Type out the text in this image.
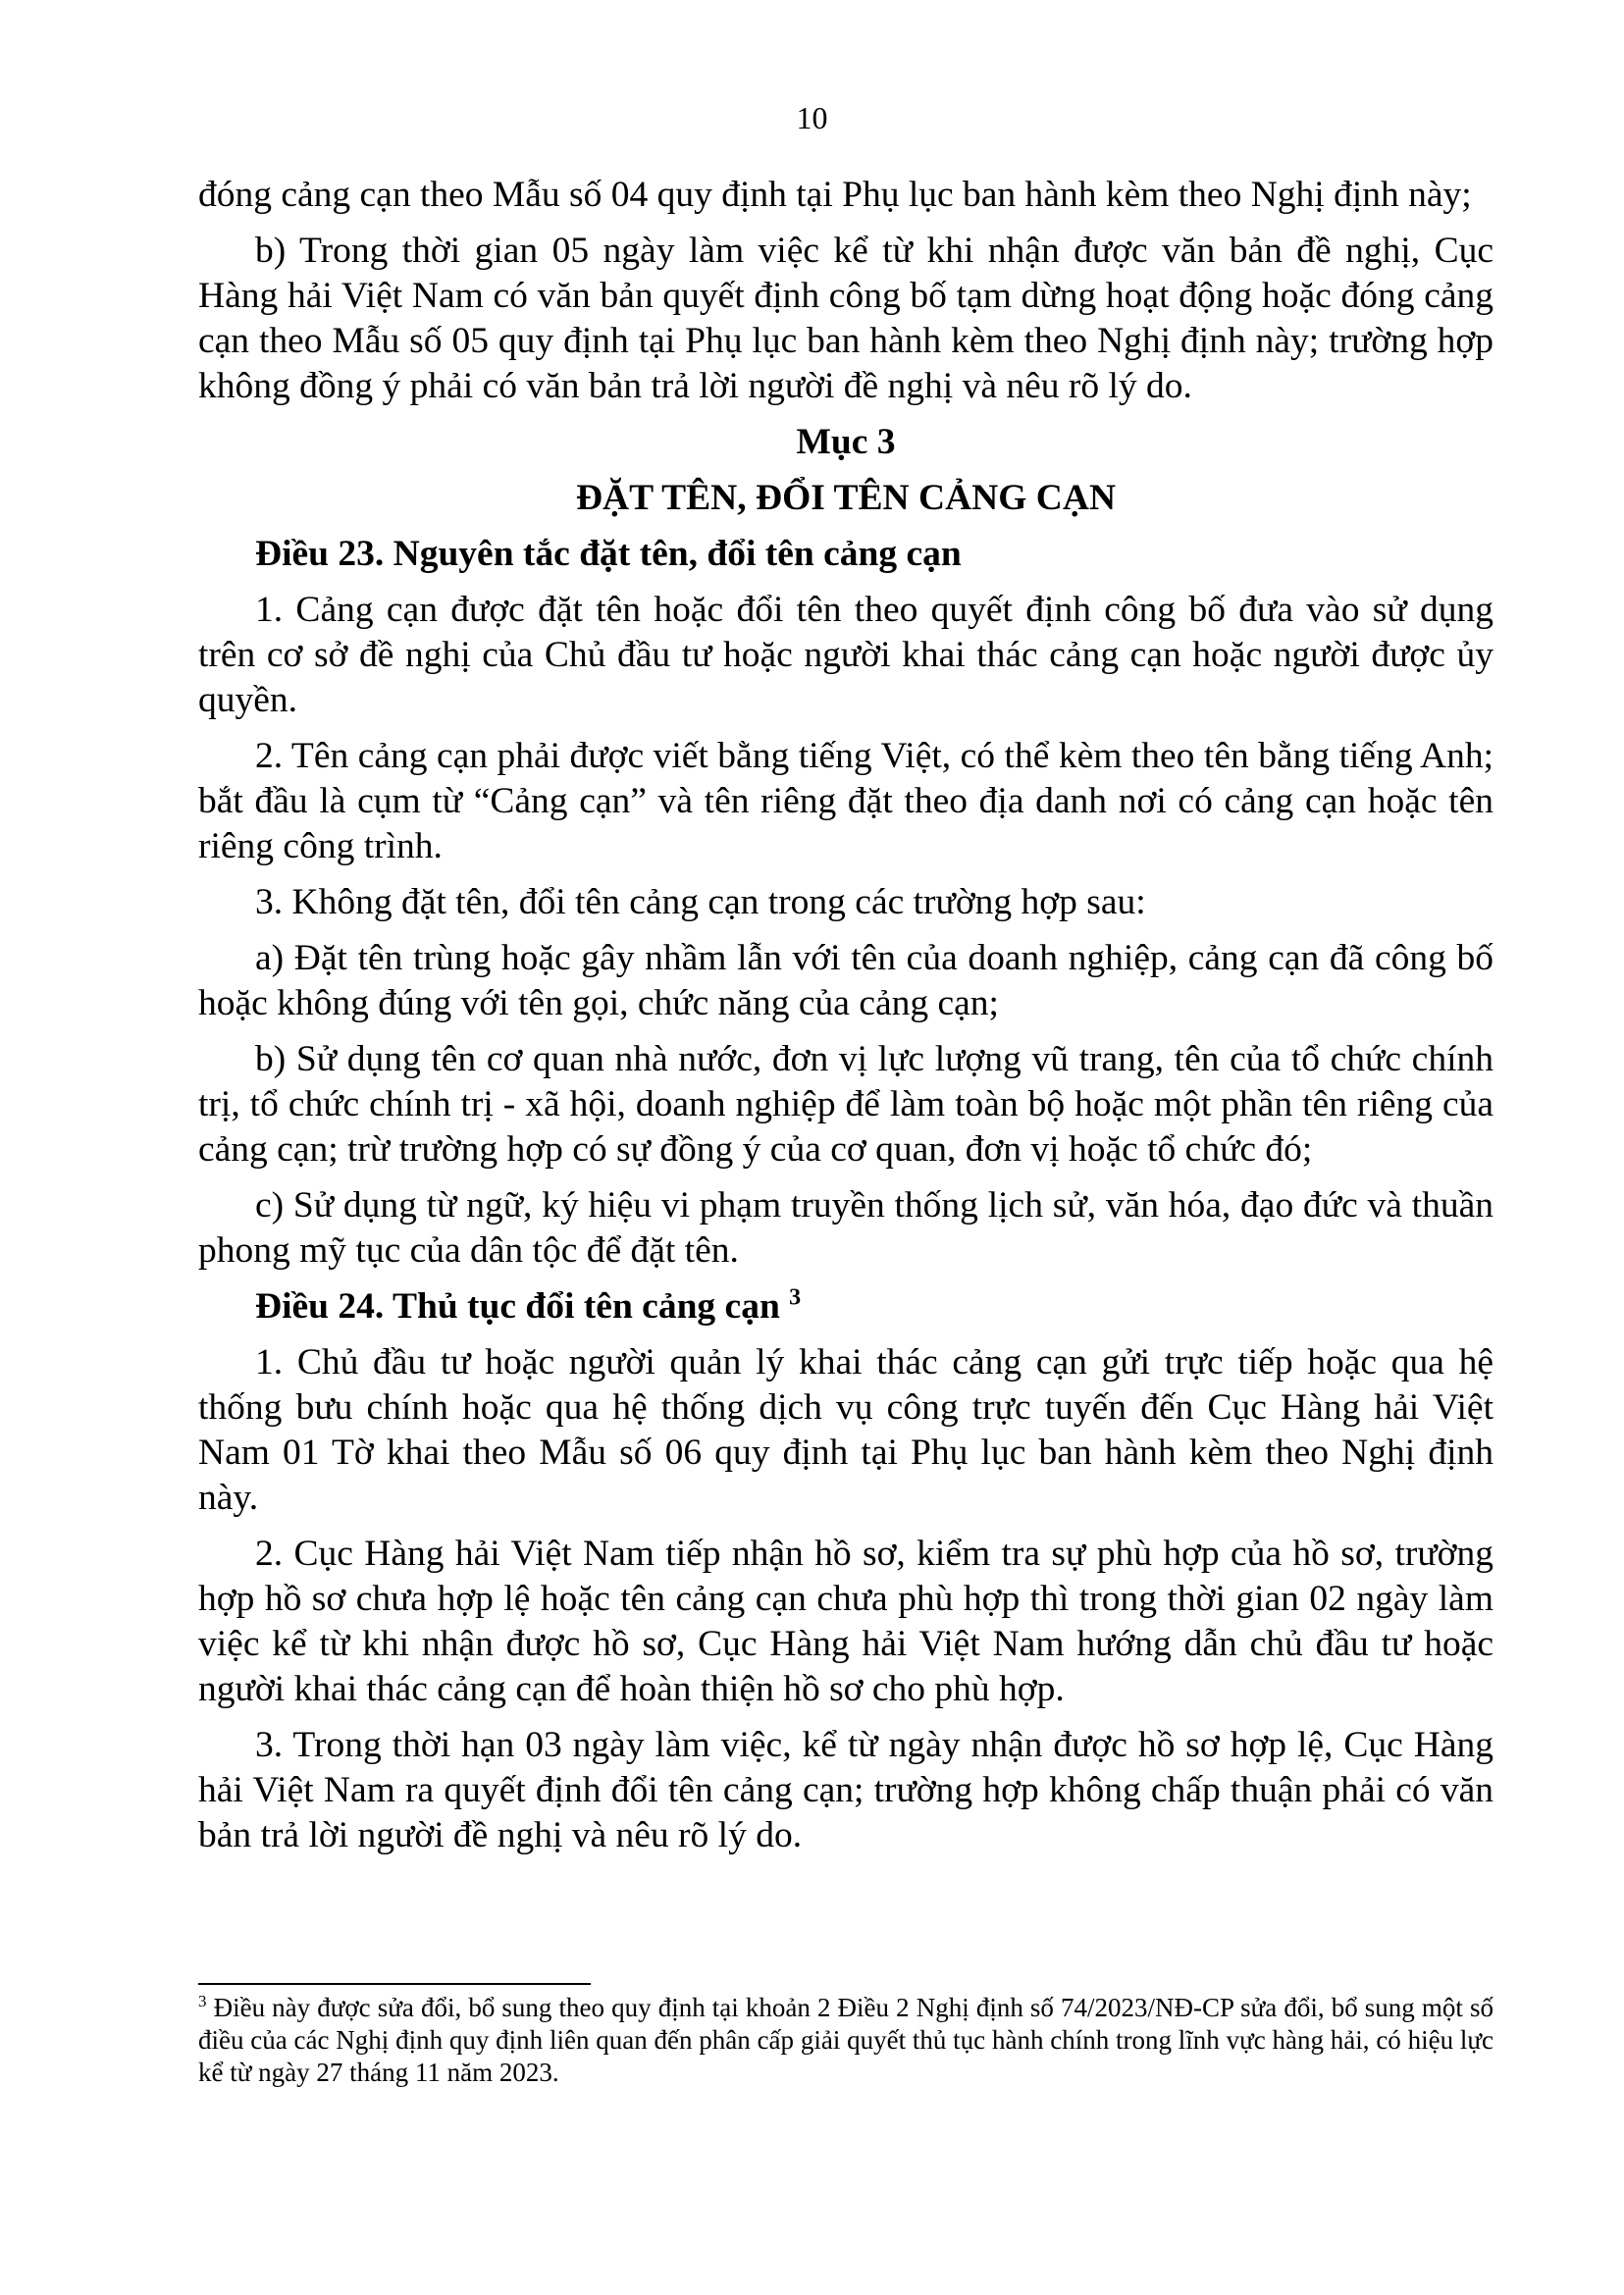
10

đóng cảng cạn theo Mẫu số 04 quy định tại Phụ lục ban hành kèm theo Nghị định này;

b) Trong thời gian 05 ngày làm việc kể từ khi nhận được văn bản đề nghị, Cục Hàng hải Việt Nam có văn bản quyết định công bố tạm dừng hoạt động hoặc đóng cảng cạn theo Mẫu số 05 quy định tại Phụ lục ban hành kèm theo Nghị định này; trường hợp không đồng ý phải có văn bản trả lời người đề nghị và nêu rõ lý do.

Mục 3

ĐẶT TÊN, ĐỔI TÊN CẢNG CẠN

Điều 23. Nguyên tắc đặt tên, đổi tên cảng cạn

1. Cảng cạn được đặt tên hoặc đổi tên theo quyết định công bố đưa vào sử dụng trên cơ sở đề nghị của Chủ đầu tư hoặc người khai thác cảng cạn hoặc người được ủy quyền.

2. Tên cảng cạn phải được viết bằng tiếng Việt, có thể kèm theo tên bằng tiếng Anh; bắt đầu là cụm từ “Cảng cạn” và tên riêng đặt theo địa danh nơi có cảng cạn hoặc tên riêng công trình.

3. Không đặt tên, đổi tên cảng cạn trong các trường hợp sau:

a) Đặt tên trùng hoặc gây nhầm lẫn với tên của doanh nghiệp, cảng cạn đã công bố hoặc không đúng với tên gọi, chức năng của cảng cạn;

b) Sử dụng tên cơ quan nhà nước, đơn vị lực lượng vũ trang, tên của tổ chức chính trị, tổ chức chính trị - xã hội, doanh nghiệp để làm toàn bộ hoặc một phần tên riêng của cảng cạn; trừ trường hợp có sự đồng ý của cơ quan, đơn vị hoặc tổ chức đó;

c) Sử dụng từ ngữ, ký hiệu vi phạm truyền thống lịch sử, văn hóa, đạo đức và thuần phong mỹ tục của dân tộc để đặt tên.

Điều 24. Thủ tục đổi tên cảng cạn $^3$

1. Chủ đầu tư hoặc người quản lý khai thác cảng cạn gửi trực tiếp hoặc qua hệ thống bưu chính hoặc qua hệ thống dịch vụ công trực tuyến đến Cục Hàng hải Việt Nam 01 Tờ khai theo Mẫu số 06 quy định tại Phụ lục ban hành kèm theo Nghị định này.

2. Cục Hàng hải Việt Nam tiếp nhận hồ sơ, kiểm tra sự phù hợp của hồ sơ, trường hợp hồ sơ chưa hợp lệ hoặc tên cảng cạn chưa phù hợp thì trong thời gian 02 ngày làm việc kể từ khi nhận được hồ sơ, Cục Hàng hải Việt Nam hướng dẫn chủ đầu tư hoặc người khai thác cảng cạn để hoàn thiện hồ sơ cho phù hợp.

3. Trong thời hạn 03 ngày làm việc, kể từ ngày nhận được hồ sơ hợp lệ, Cục Hàng hải Việt Nam ra quyết định đổi tên cảng cạn; trường hợp không chấp thuận phải có văn bản trả lời người đề nghị và nêu rõ lý do.

$^3$ Điều này được sửa đổi, bổ sung theo quy định tại khoản 2 Điều 2 Nghị định số 74/2023/NĐ-CP sửa đổi, bổ sung một số điều của các Nghị định quy định liên quan đến phân cấp giải quyết thủ tục hành chính trong lĩnh vực hàng hải, có hiệu lực kể từ ngày 27 tháng 11 năm 2023.
